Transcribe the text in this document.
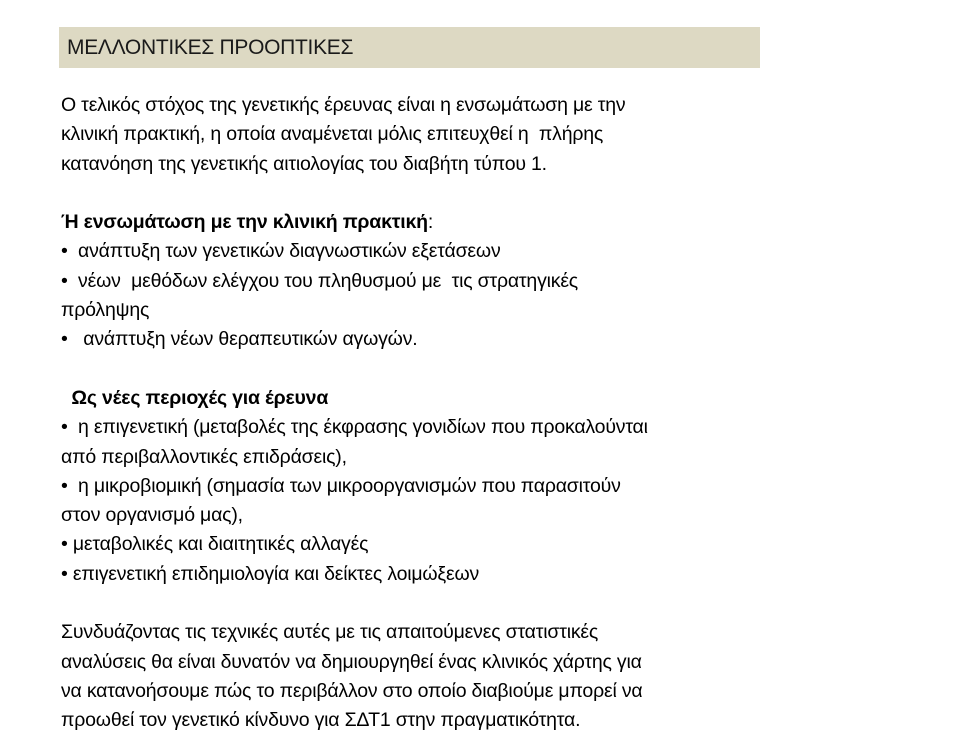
ΜΕΛΛΟΝΤΙΚΕΣ ΠΡΟΟΠΤΙΚΕΣ
Ο τελικός στόχος της γενετικής έρευνας είναι η ενσωμάτωση με την
κλινική πρακτική, η οποία αναμένεται μόλις επιτευχθεί η  πλήρης
κατανόηση της γενετικής αιτιολογίας του διαβήτη τύπου 1.
Ή ενσωμάτωση με την κλινική πρακτική:
•  ανάπτυξη των γενετικών διαγνωστικών εξετάσεων
•  νέων  μεθόδων ελέγχου του πληθυσμού με  τις στρατηγικές
πρόληψης
•   ανάπτυξη νέων θεραπευτικών αγωγών.
Ως νέες περιοχές για έρευνα
•  η επιγενετική (μεταβολές της έκφρασης γονιδίων που προκαλούνται
από περιβαλλοντικές επιδράσεις),
•  η μικροβιομική (σημασία των μικροοργανισμών που παρασιτούν
στον οργανισμό μας),
• μεταβολικές και διαιτητικές αλλαγές
• επιγενετική επιδημιολογία και δείκτες λοιμώξεων
Συνδυάζοντας τις τεχνικές αυτές με τις απαιτούμενες στατιστικές
αναλύσεις θα είναι δυνατόν να δημιουργηθεί ένας κλινικός χάρτης για
να κατανοήσουμε πώς το περιβάλλον στο οποίο διαβιούμε μπορεί να
προωθεί τον γενετικό κίνδυνο για ΣΔΤ1 στην πραγματικότητα.
